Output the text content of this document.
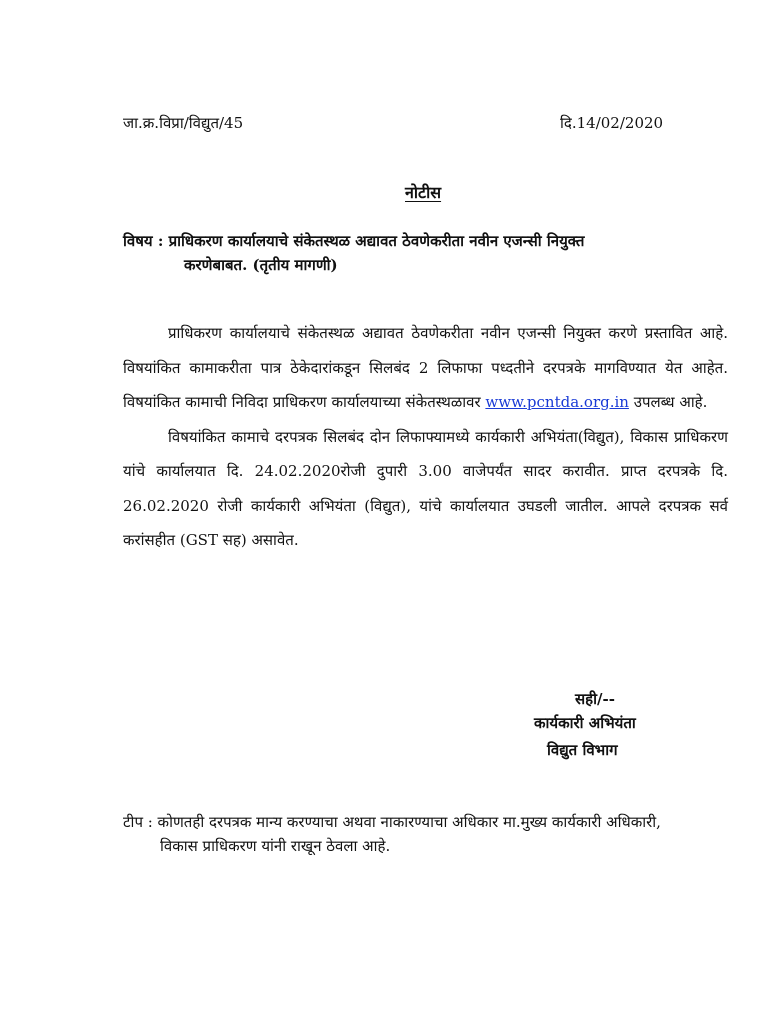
जा.क्र.विप्रा/विद्युत/45	दि.14/02/2020
नोटीस
विषय : प्राधिकरण कार्यालयाचे संकेतस्थळ अद्यावत ठेवणेकरीता नवीन एजन्सी नियुक्त
करणेबाबत. (तृतीय मागणी)

प्राधिकरण कार्यालयाचे संकेतस्थळ अद्यावत ठेवणेकरीता नवीन एजन्सी नियुक्त करणे प्रस्तावित आहे. विषयांकित कामाकरीता पात्र ठेकेदारांकडून सिलबंद 2 लिफाफा पध्दतीने दरपत्रके मागविण्यात येत आहेत. विषयांकित कामाची निविदा प्राधिकरण कार्यालयाच्या संकेतस्थळावर www.pcntda.org.in उपलब्ध आहे.

विषयांकित कामाचे दरपत्रक सिलबंद दोन लिफाफ्यामध्ये कार्यकारी अभियंता(विद्युत), विकास प्राधिकरण यांचे कार्यालयात दि. 24.02.2020रोजी दुपारी 3.00 वाजेपर्यंत सादर करावीत. प्राप्त दरपत्रके दि. 26.02.2020 रोजी कार्यकारी अभियंता (विद्युत), यांचे कार्यालयात उघडली जातील. आपले दरपत्रक सर्व करांसहीत (GST सह) असावेत.

सही/--
कार्यकारी अभियंता
विद्युत विभाग
टीप : कोणतही दरपत्रक मान्य करण्याचा अथवा नाकारण्याचा अधिकार मा.मुख्य कार्यकारी अधिकारी,
विकास प्राधिकरण यांनी राखून ठेवला आहे.
